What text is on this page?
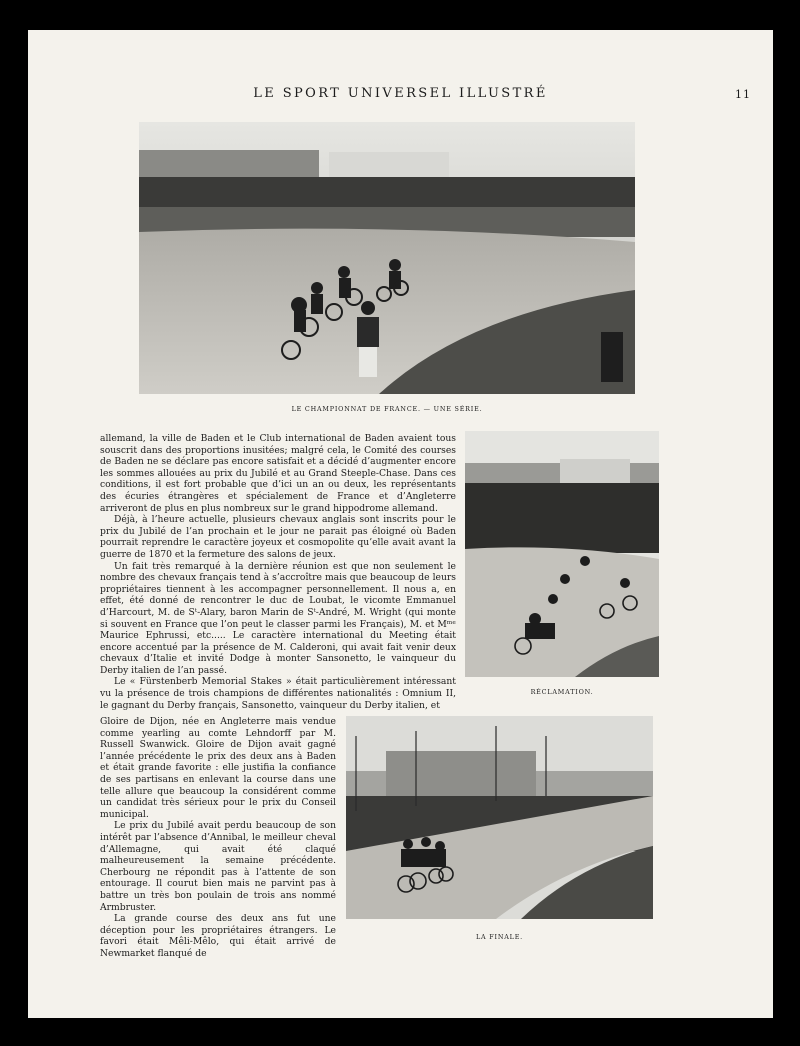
LE SPORT UNIVERSEL ILLUSTRÉ	11
LE CHAMPIONNAT DE FRANCE. — UNE SÉRIE.
RÉCLAMATION.
LA FINALE.

allemand, la ville de Baden et le Club international de Baden avaient tous souscrit dans des proportions inusitées; malgré cela, le Comité des courses de Baden ne se déclare pas encore satisfait et a décidé d’augmenter encore les sommes allouées au prix du Jubilé et au Grand Steeple-Chase. Dans ces conditions, il est fort probable que d’ici un an ou deux, les représentants des écuries étrangères et spécialement de France et d’Angleterre arriveront de plus en plus nombreux sur le grand hippodrome allemand.

Déjà, à l’heure actuelle, plusieurs chevaux anglais sont inscrits pour le prix du Jubilé de l’an prochain et le jour ne parait pas éloigné où Baden pourrait reprendre le caractère joyeux et cosmopolite qu’elle avait avant la guerre de 1870 et la fermeture des salons de jeux.

Un fait très remarqué à la dernière réunion est que non seulement le nombre des chevaux français tend à s’accroître mais que beaucoup de leurs propriétaires tiennent à les accompagner personnellement. Il nous a, en effet, été donné de rencontrer le duc de Loubat, le vicomte Emmanuel d’Harcourt, M. de Sᵗ-Alary, baron Marin de Sᵗ-André, M. Wright (qui monte si souvent en France que l’on peut le classer parmi les Français), M. et Mᵐᵉ Maurice Ephrussi, etc..... Le caractère international du Meeting était encore accentué par la présence de M. Calderoni, qui avait fait venir deux chevaux d’Italie et invité Dodge à monter Sansonetto, le vainqueur du Derby italien de l’an passé.

Le « Fürstenberb Memorial Stakes » était particulièrement intéressant vu la présence de trois champions de différentes nationalités : Omnium II, le gagnant du Derby français, Sansonetto, vainqueur du Derby italien, et

Gloire de Dijon, née en Angleterre mais vendue comme yearling au comte Lehndorff par M. Russell Swanwick. Gloire de Dijon avait gagné l’année précédente le prix des deux ans à Baden et était grande favorite : elle justifia la confiance de ses partisans en enlevant la course dans une telle allure que beaucoup la considérent comme un candidat très sérieux pour le prix du Conseil municipal.

Le prix du Jubilé avait perdu beaucoup de son intérêt par l’absence d’Annibal, le meilleur cheval d’Allemagne, qui avait été claqué malheureusement la semaine précédente. Cherbourg ne répondit pas à l’attente de son entourage. Il courut bien mais ne parvint pas à battre un très bon poulain de trois ans nommé Armbruster.

La grande course des deux ans fut une déception pour les propriétaires étrangers. Le favori était Mêli-Mêlo, qui était arrivé de Newmarket flanqué de
